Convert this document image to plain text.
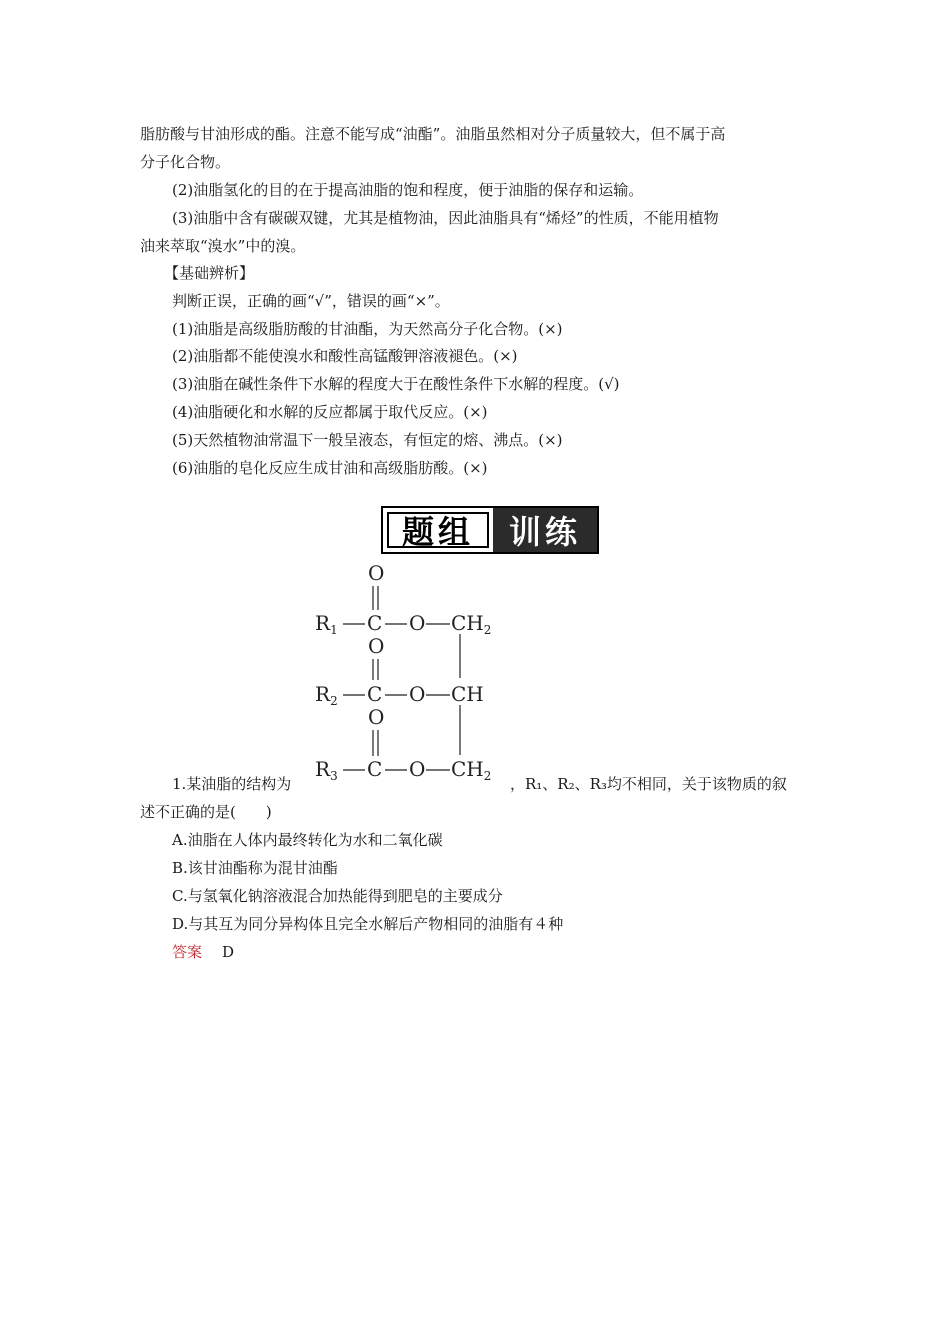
脂肪酸与甘油形成的酯。注意不能写成“油酯”。油脂虽然相对分子质量较大，但不属于高
分子化合物。
(2)油脂氢化的目的在于提高油脂的饱和程度，便于油脂的保存和运输。
(3)油脂中含有碳碳双键，尤其是植物油，因此油脂具有“烯烃”的性质，不能用植物
油来萃取“溴水”中的溴。
【基础辨析】
判断正误，正确的画“√”，错误的画“×”。
(1)油脂是高级脂肪酸的甘油酯，为天然高分子化合物。(×)
(2)油脂都不能使溴水和酸性高锰酸钾溶液褪色。(×)
(3)油脂在碱性条件下水解的程度大于在酸性条件下水解的程度。(√)
(4)油脂硬化和水解的反应都属于取代反应。(×)
(5)天然植物油常温下一般呈液态，有恒定的熔、沸点。(×)
(6)油脂的皂化反应生成甘油和高级脂肪酸。(×)
题组	训练
O
$R_1$ C O $CH_2$
O
$R_2$ C O CH
O
$R_3$ C O $CH_2$
1.某油脂的结构为	，R₁、R₂、R₃均不相同，关于该物质的叙
述不正确的是(　　)
A.油脂在人体内最终转化为水和二氧化碳
B.该甘油酯称为混甘油酯
C.与氢氧化钠溶液混合加热能得到肥皂的主要成分
D.与其互为同分异构体且完全水解后产物相同的油脂有４种
答案 D
